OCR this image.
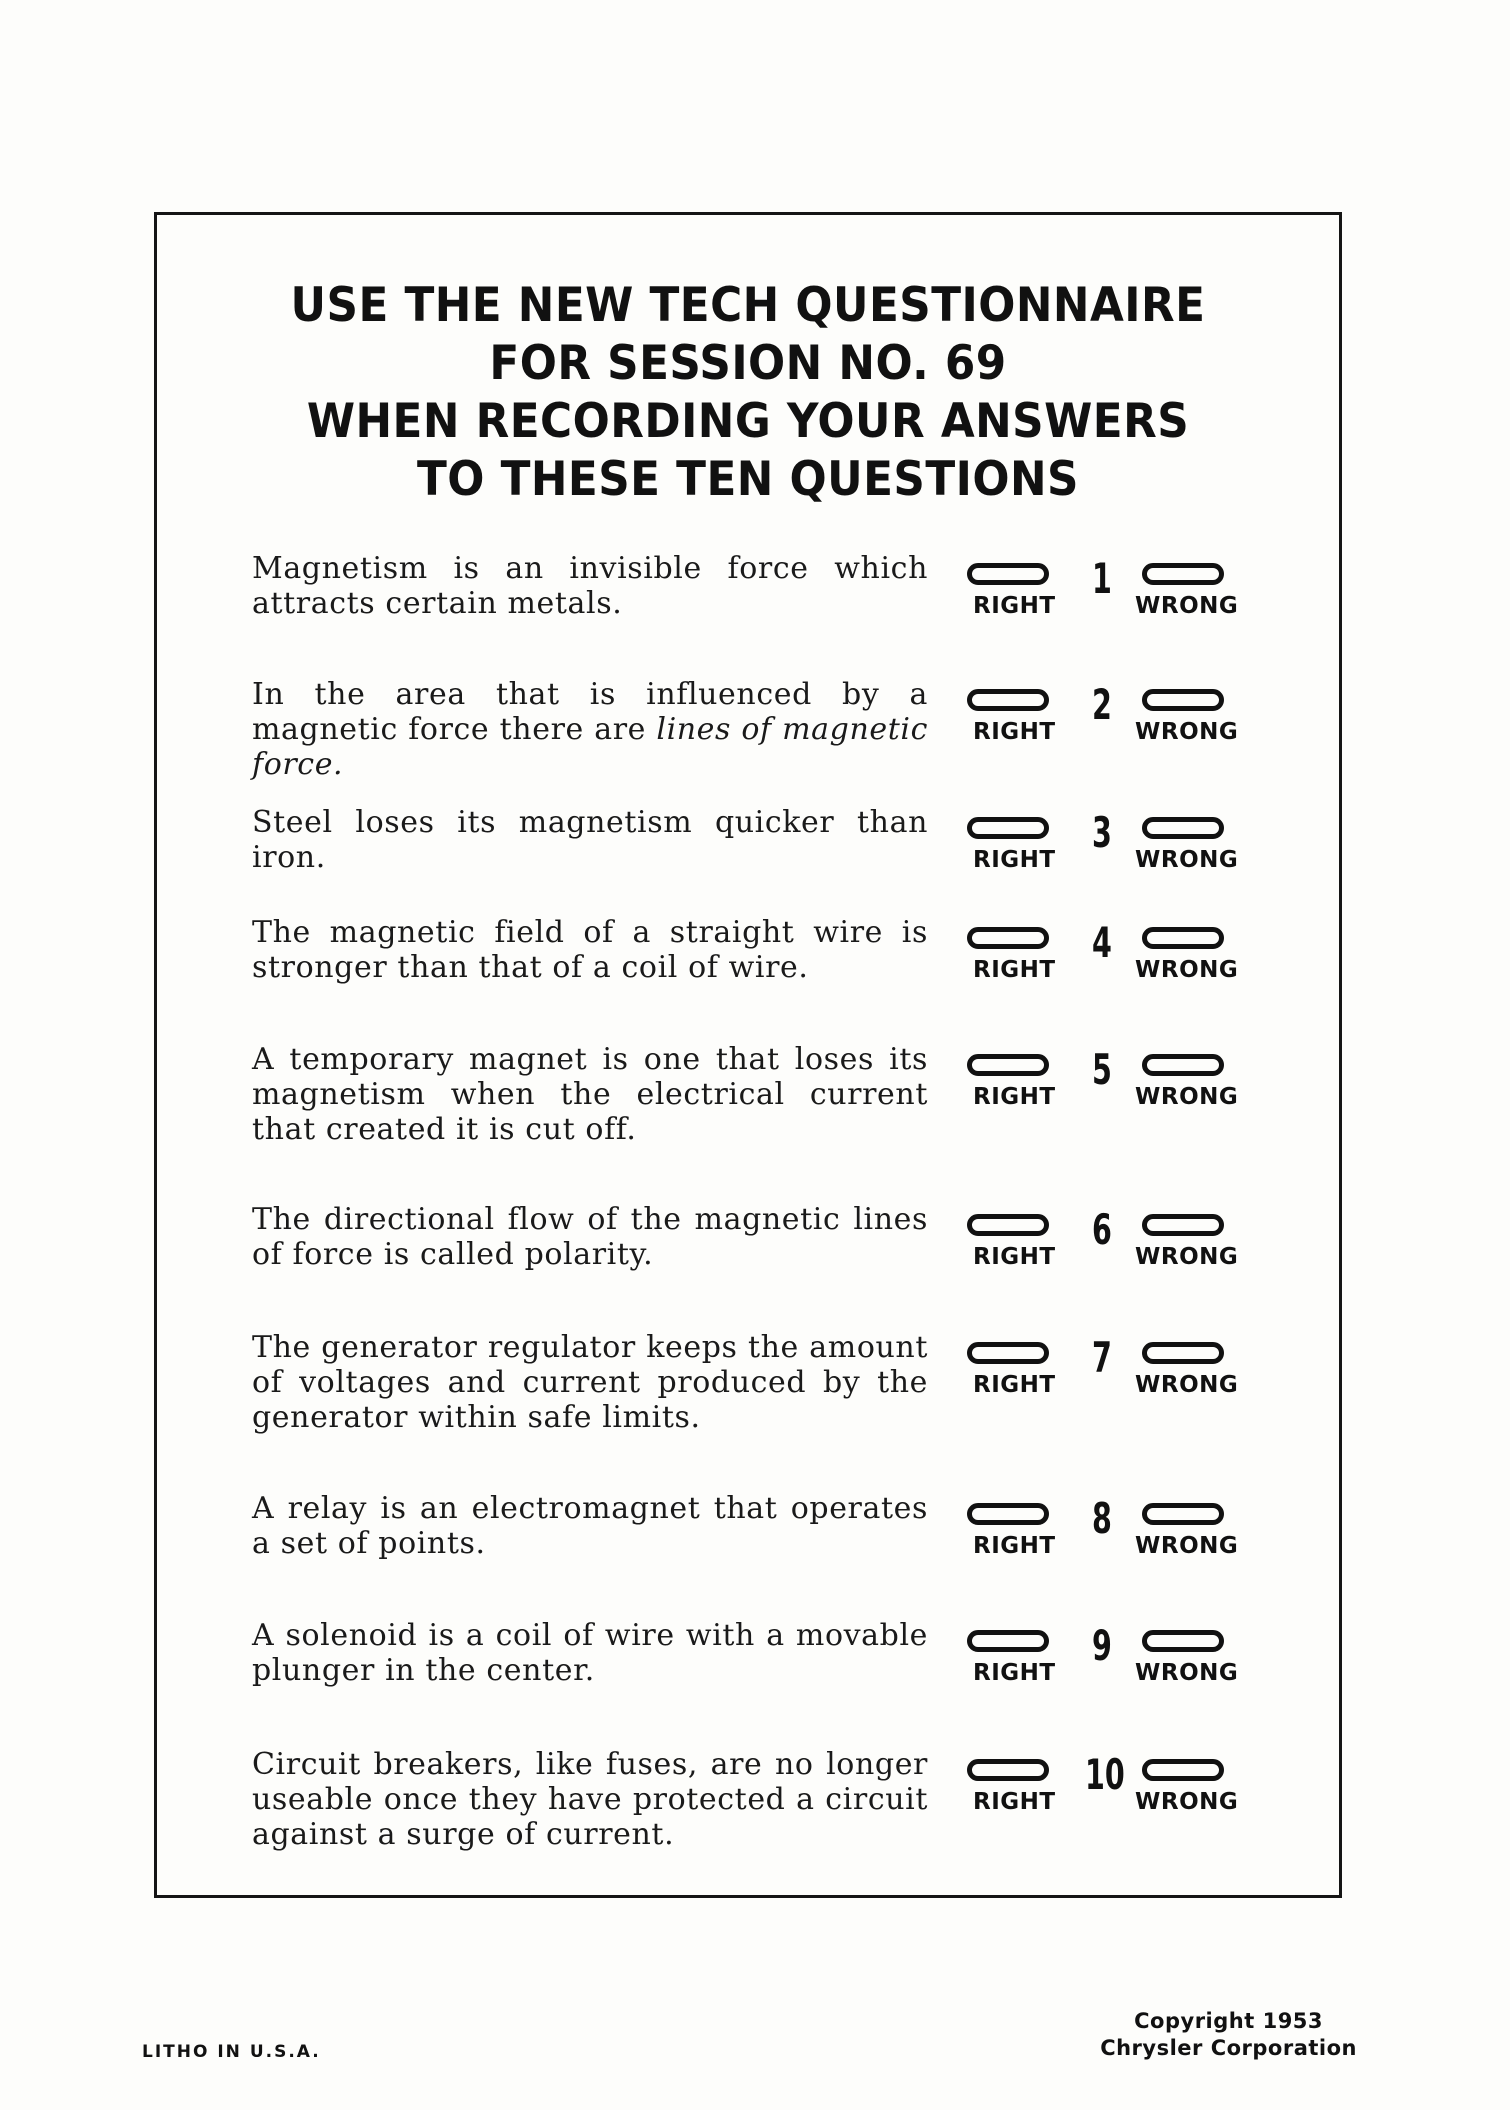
USE THE NEW TECH QUESTIONNAIRE
FOR SESSION NO. 69
WHEN RECORDING YOUR ANSWERS
TO THESE TEN QUESTIONS

Magnetism is an invisible force which attracts certain metals.

1
RIGHT	WRONG

In the area that is influenced by a magnetic force there are lines of magnetic force.

2
RIGHT	WRONG

Steel loses its magnetism quicker than iron.

3
RIGHT	WRONG

The magnetic field of a straight wire is stronger than that of a coil of wire.

4
RIGHT	WRONG

A temporary magnet is one that loses its magnetism when the electrical current that created it is cut off.

5
RIGHT	WRONG

The directional flow of the magnetic lines of force is called polarity.

6
RIGHT	WRONG

The generator regulator keeps the amount of voltages and current produced by the generator within safe limits.

7
RIGHT	WRONG

A relay is an electromagnet that operates a set of points.

8
RIGHT	WRONG

A solenoid is a coil of wire with a movable plunger in the center.

9
RIGHT	WRONG

Circuit breakers, like fuses, are no longer useable once they have protected a circuit against a surge of current.

10
RIGHT	WRONG
LITHO IN U.S.A.
Copyright 1953
Chrysler Corporation
